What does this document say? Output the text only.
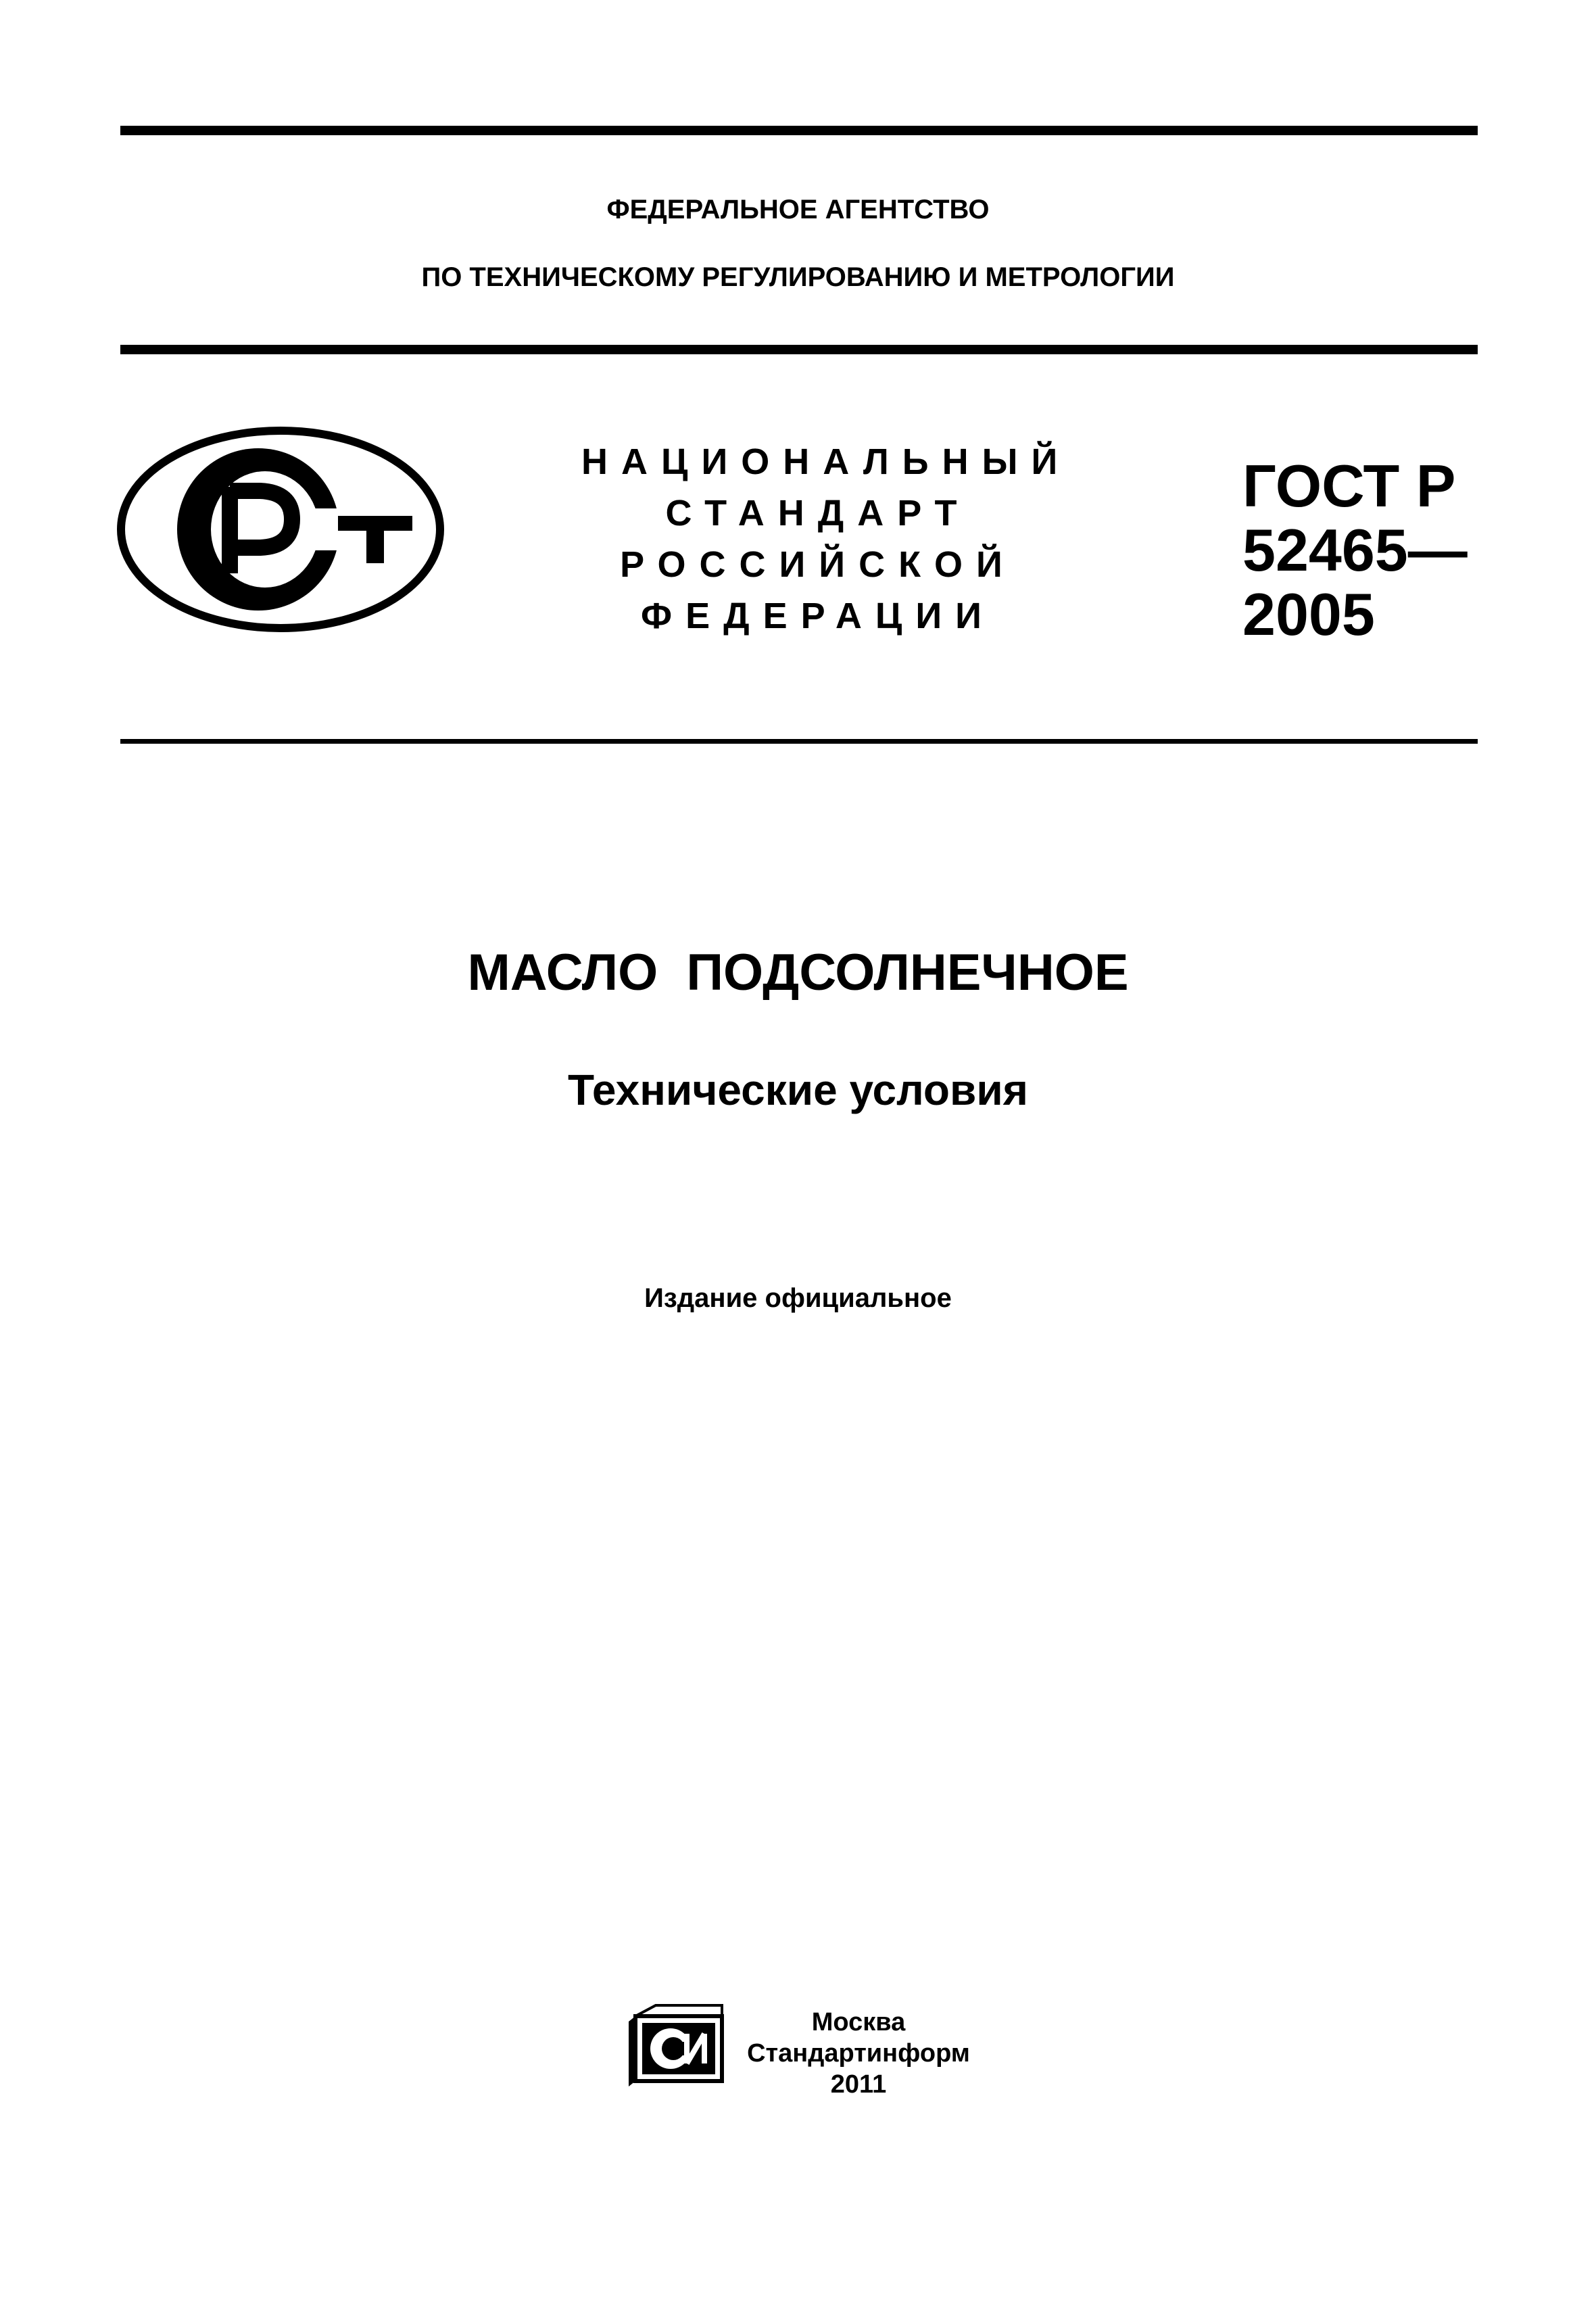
ФЕДЕРАЛЬНОЕ АГЕНТСТВО
ПО ТЕХНИЧЕСКОМУ РЕГУЛИРОВАНИЮ И МЕТРОЛОГИИ
НАЦИОНАЛЬНЫЙ
СТАНДАРТ
РОССИЙСКОЙ
ФЕДЕРАЦИИ
ГОСТ Р
52465—
2005
МАСЛО  ПОДСОЛНЕЧНОЕ
Технические условия
Издание официальное
Москва
Стандартинформ
2011
